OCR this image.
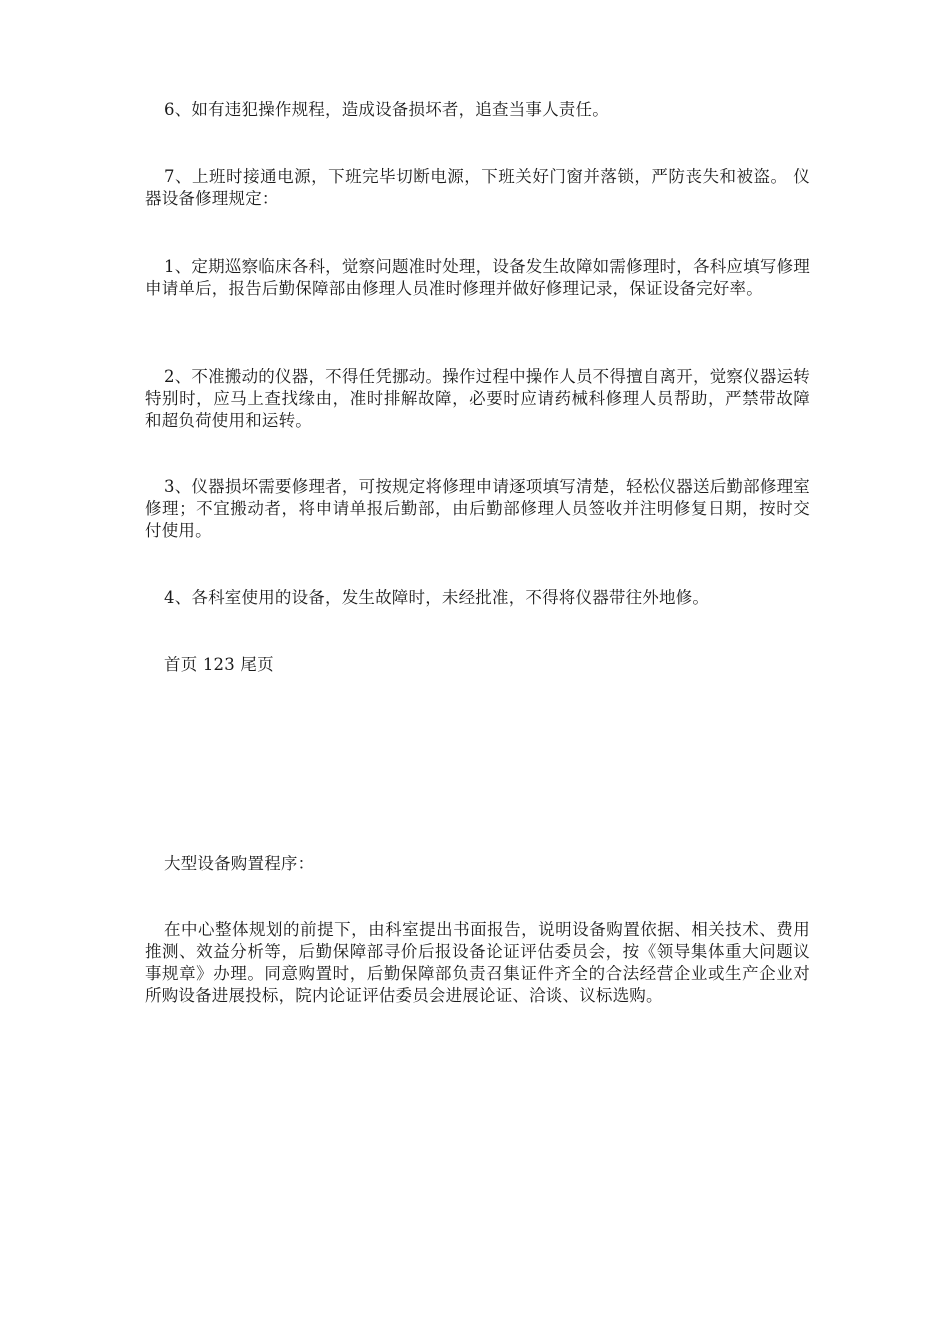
6、如有违犯操作规程，造成设备损坏者，追查当事人责任。

7、上班时接通电源，下班完毕切断电源，下班关好门窗并落锁，严防丧失和被盗。 仪器设备修理规定：

1、定期巡察临床各科，觉察问题准时处理，设备发生故障如需修理时，各科应填写修理申请单后，报告后勤保障部由修理人员准时修理并做好修理记录，保证设备完好率。

2、不准搬动的仪器，不得任凭挪动。操作过程中操作人员不得擅自离开，觉察仪器运转特别时，应马上查找缘由，准时排解故障，必要时应请药械科修理人员帮助，严禁带故障和超负荷使用和运转。

3、仪器损坏需要修理者，可按规定将修理申请逐项填写清楚，轻松仪器送后勤部修理室修理；不宜搬动者，将申请单报后勤部，由后勤部修理人员签收并注明修复日期，按时交付使用。

4、各科室使用的设备，发生故障时，未经批准，不得将仪器带往外地修。

首页 123 尾页

大型设备购置程序：

在中心整体规划的前提下，由科室提出书面报告，说明设备购置依据、相关技术、费用推测、效益分析等，后勤保障部寻价后报设备论证评估委员会，按《领导集体重大问题议事规章》办理。同意购置时，后勤保障部负责召集证件齐全的合法经营企业或生产企业对所购设备进展投标，院内论证评估委员会进展论证、洽谈、议标选购。
